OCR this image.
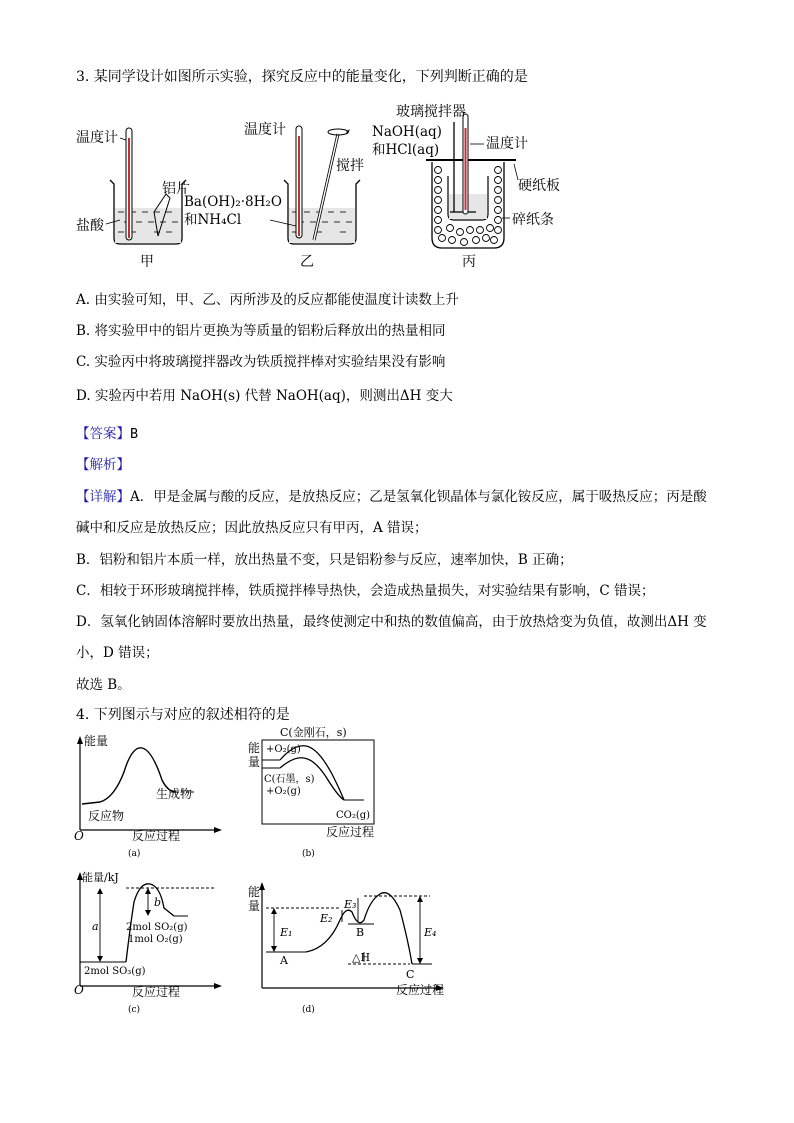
3. 某同学设计如图所示实验，探究反应中的能量变化，下列判断正确的是
温度计
铝片
盐酸
甲
温度计
搅拌
Ba(OH)₂·8H₂O
和NH₄Cl
乙
玻璃搅拌器
NaOH(aq)
和HCl(aq)	温度计
硬纸板
碎纸条
丙
A. 由实验可知，甲、乙、丙所涉及的反应都能使温度计读数上升
B. 将实验甲中的铝片更换为等质量的铝粉后释放出的热量相同
C. 实验丙中将玻璃搅拌器改为铁质搅拌棒对实验结果没有影响
D. 实验丙中若用 NaOH(s) 代替 NaOH(aq)，则测出ΔH 变大
【答案】B
【解析】
【详解】A．甲是金属与酸的反应，是放热反应；乙是氢氧化钡晶体与氯化铵反应，属于吸热反应；丙是酸
碱中和反应是放热反应；因此放热反应只有甲丙，A 错误；
B．铝粉和铝片本质一样，放出热量不变，只是铝粉参与反应，速率加快，B 正确；
C．相较于环形玻璃搅拌棒，铁质搅拌棒导热快，会造成热量损失，对实验结果有影响，C 错误；
D．氢氧化钠固体溶解时要放出热量，最终使测定中和热的数值偏高，由于放热焓变为负值，故测出ΔH 变
小，D 错误；
故选 B。
4. 下列图示与对应的叙述相符的是
能量
反应物
生成物
O	反应过程
(a)
C(金刚石，s)
+O₂(g)
C(石墨，s)
+O₂(g)
CO₂(g)
能
量
反应过程
(b)
能量/kJ
a
b
2mol SO₂(g)
1mol O₂(g)
2mol SO₃(g)
O	反应过程
(c)
能
量
E₁
E₂
E₃
E₄
A
B
C
△H
反应过程
(d)
